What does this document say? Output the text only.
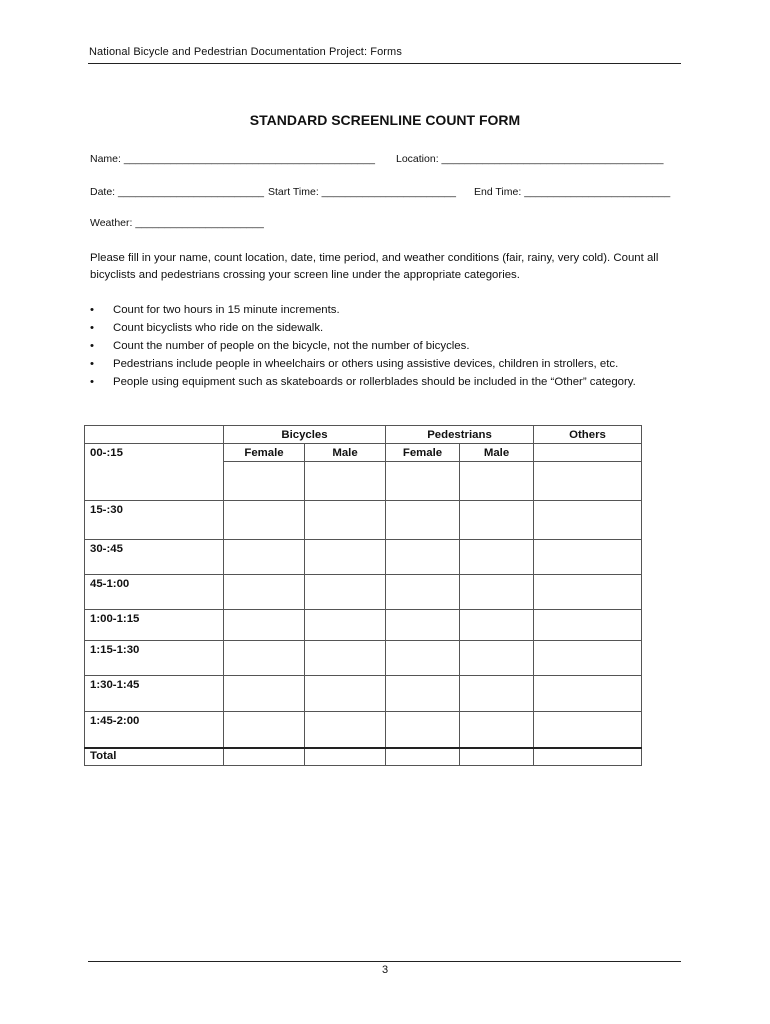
National Bicycle and Pedestrian Documentation Project: Forms
STANDARD SCREENLINE COUNT FORM
Name: ___________________________________________ Location: ______________________________________
Date: _________________________ Start Time: _______________________ End Time: _________________________
Weather: ______________________
Please fill in your name, count location, date, time period, and weather conditions (fair, rainy, very cold). Count all bicyclists and pedestrians crossing your screen line under the appropriate categories.
• Count for two hours in 15 minute increments.
• Count bicyclists who ride on the sidewalk.
• Count the number of people on the bicycle, not the number of bicycles.
• Pedestrians include people in wheelchairs or others using assistive devices, children in strollers, etc.
• People using equipment such as skateboards or rollerblades should be included in the “Other” category.
	Bicycles		Pedestrians		Others
00-:15	Female	Male	Female	Male	

15-:30					
30-:45					
45-1:00					
1:00-1:15					
1:15-1:30					
1:30-1:45					
1:45-2:00					
Total					
3
